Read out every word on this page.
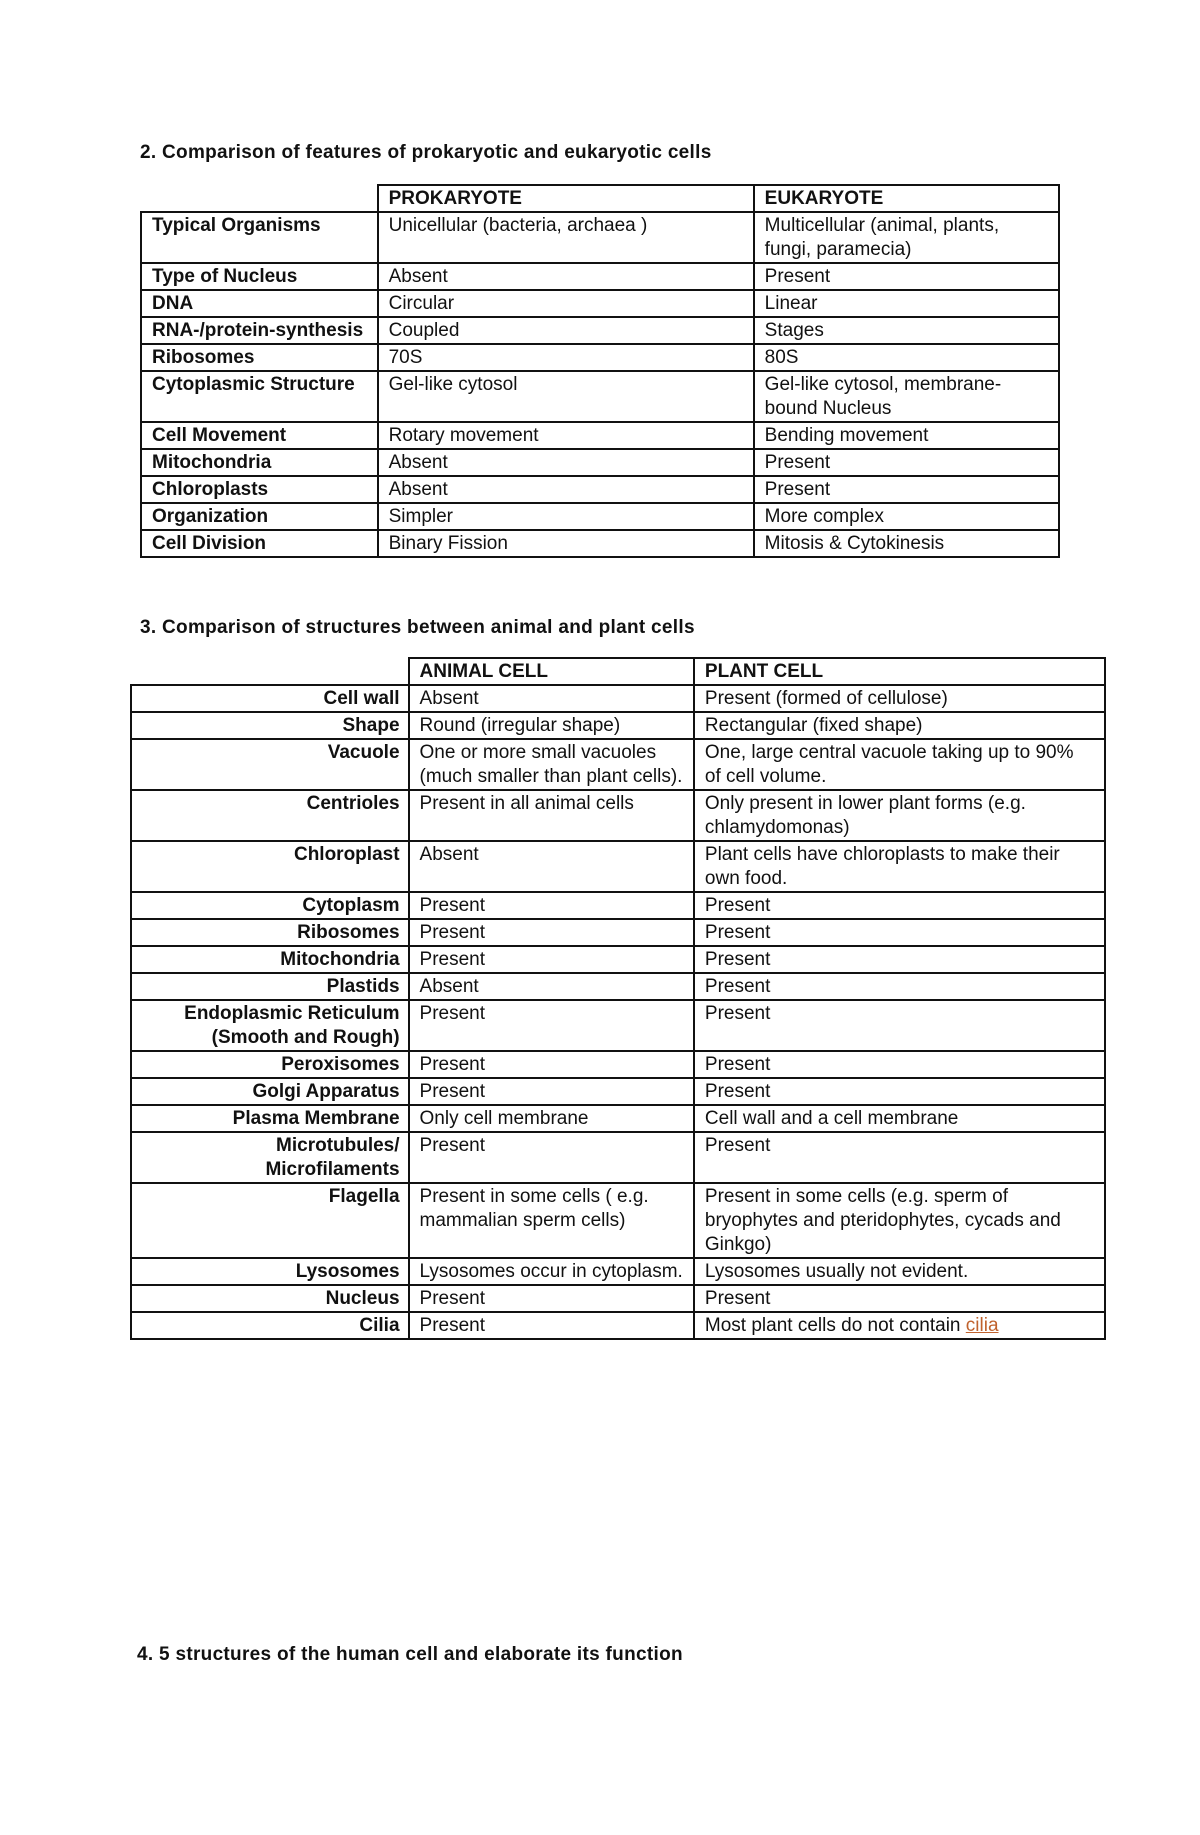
2. Comparison of features of prokaryotic and eukaryotic cells
	PROKARYOTE	EUKARYOTE
Typical Organisms	Unicellular (bacteria, archaea )	Multicellular (animal, plants, fungi, paramecia)
Type of Nucleus	Absent	Present
DNA	Circular	Linear
RNA-/protein-synthesis	Coupled	Stages
Ribosomes	70S	80S
Cytoplasmic Structure	Gel-like cytosol	Gel-like cytosol, membrane-bound Nucleus
Cell Movement	Rotary movement	Bending movement
Mitochondria	Absent	Present
Chloroplasts	Absent	Present
Organization	Simpler	More complex
Cell Division	Binary Fission	Mitosis & Cytokinesis
3. Comparison of structures between animal and plant cells
	ANIMAL CELL	PLANT CELL
Cell wall	Absent	Present (formed of cellulose)
Shape	Round (irregular shape)	Rectangular (fixed shape)
Vacuole	One or more small vacuoles (much smaller than plant cells).	One, large central vacuole taking up to 90% of cell volume.
Centrioles	Present in all animal cells	Only present in lower plant forms (e.g. chlamydomonas)
Chloroplast	Absent	Plant cells have chloroplasts to make their own food.
Cytoplasm	Present	Present
Ribosomes	Present	Present
Mitochondria	Present	Present
Plastids	Absent	Present
Endoplasmic Reticulum (Smooth and Rough)	Present	Present
Peroxisomes	Present	Present
Golgi Apparatus	Present	Present
Plasma Membrane	Only cell membrane	Cell wall and a cell membrane
Microtubules/ Microfilaments	Present	Present
Flagella	Present in some cells ( e.g. mammalian sperm cells)	Present in some cells (e.g. sperm of bryophytes and pteridophytes, cycads and Ginkgo)
Lysosomes	Lysosomes occur in cytoplasm.	Lysosomes usually not evident.
Nucleus	Present	Present
Cilia	Present	Most plant cells do not contain cilia
4. 5 structures of the human cell and elaborate its function
